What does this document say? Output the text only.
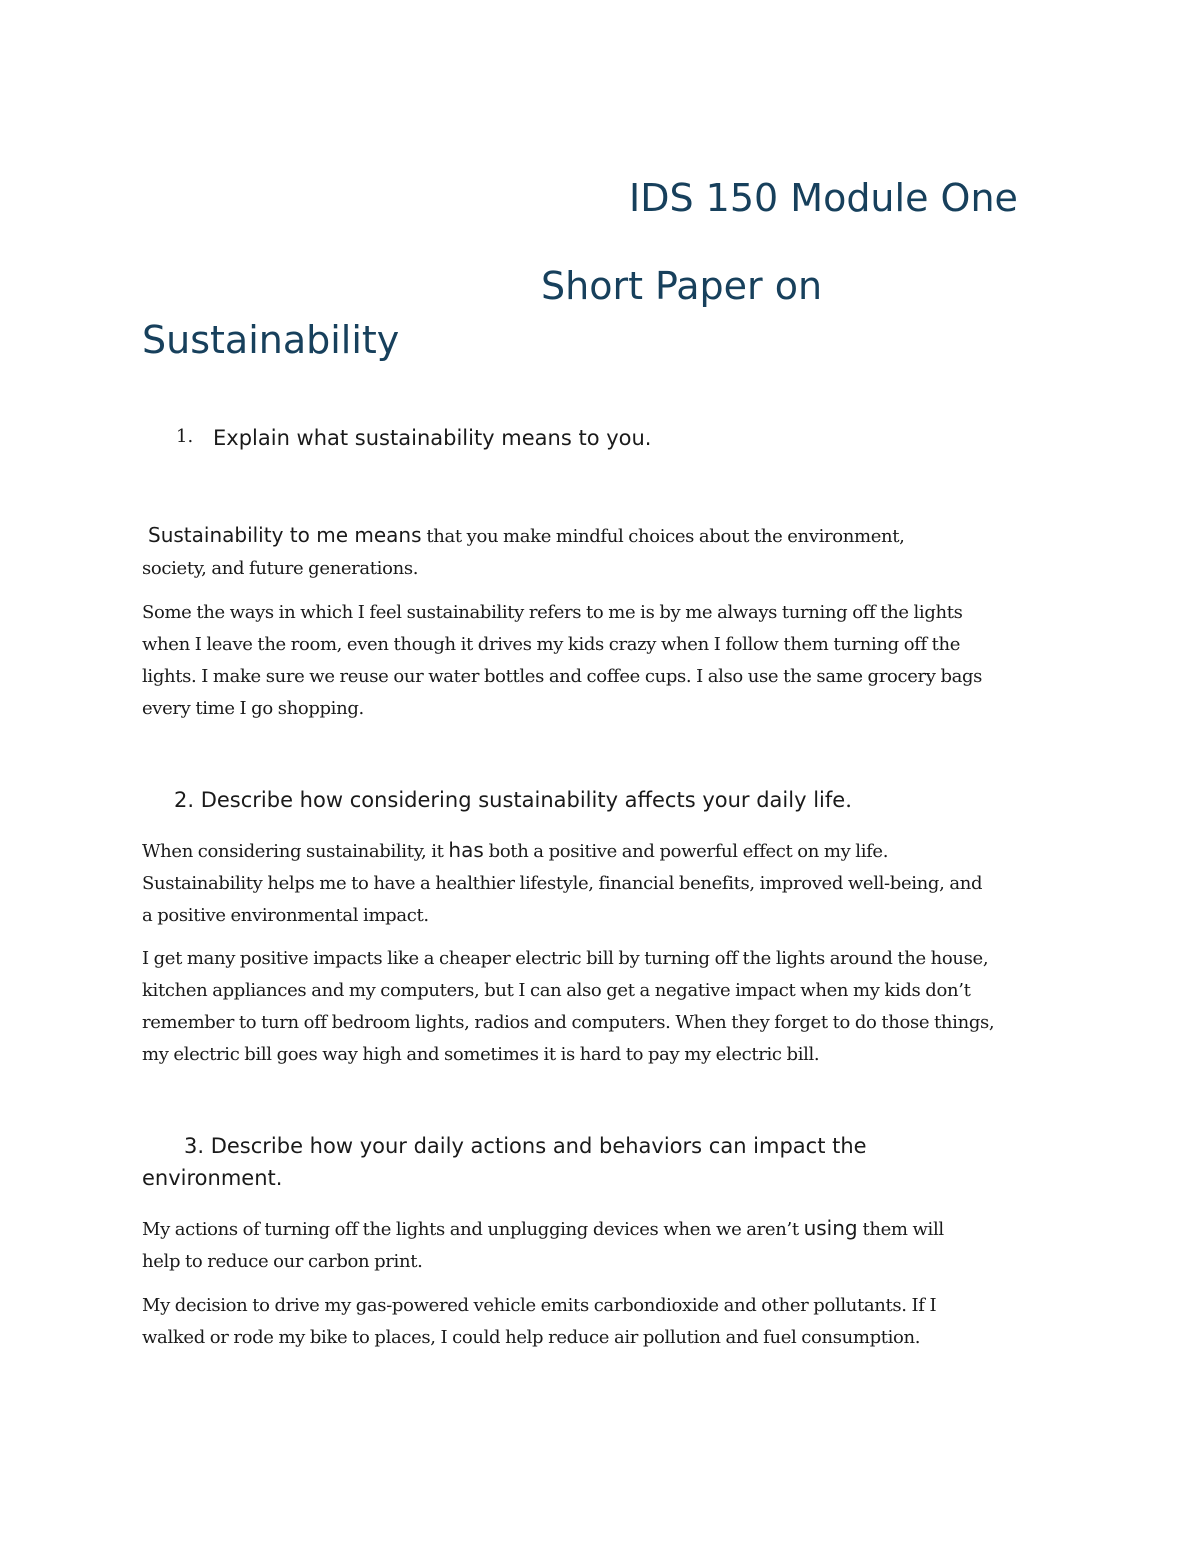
IDS 150 Module One
Short Paper on
Sustainability
1. Explain what sustainability means to you.
Sustainability to me means that you make mindful choices about the environment,
society, and future generations.
Some the ways in which I feel sustainability refers to me is by me always turning off the lights
when I leave the room, even though it drives my kids crazy when I follow them turning off the
lights. I make sure we reuse our water bottles and coffee cups. I also use the same grocery bags
every time I go shopping.
2. Describe how considering sustainability affects your daily life.
When considering sustainability, it has both a positive and powerful effect on my life.
Sustainability helps me to have a healthier lifestyle, financial benefits, improved well-being, and
a positive environmental impact.
I get many positive impacts like a cheaper electric bill by turning off the lights around the house,
kitchen appliances and my computers, but I can also get a negative impact when my kids don’t
remember to turn off bedroom lights, radios and computers. When they forget to do those things,
my electric bill goes way high and sometimes it is hard to pay my electric bill.
3. Describe how your daily actions and behaviors can impact the
environment.
My actions of turning off the lights and unplugging devices when we aren’t using them will
help to reduce our carbon print.
My decision to drive my gas-powered vehicle emits carbondioxide and other pollutants. If I
walked or rode my bike to places, I could help reduce air pollution and fuel consumption.
